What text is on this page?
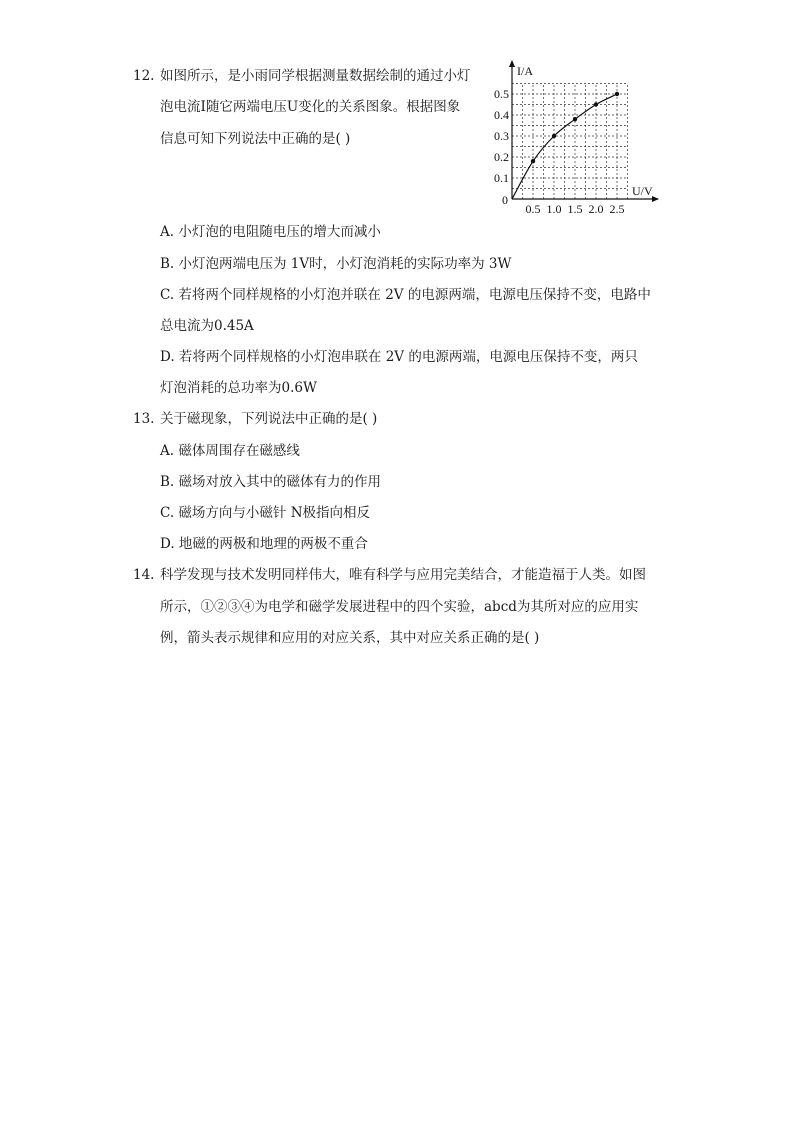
12. 如图所示，是小雨同学根据测量数据绘制的通过小灯
泡电流I随它两端电压U变化的关系图象。根据图象
信息可知下列说法中正确的是( )
0.5 1.0 1.5 2.0 2.5
0.1
0.2
0.3
0.4
0.5
0
I/A
U/V
A. 小灯泡的电阻随电压的增大而减小
B. 小灯泡两端电压为 1V时，小灯泡消耗的实际功率为 3W
C. 若将两个同样规格的小灯泡并联在 2V 的电源两端，电源电压保持不变，电路中
总电流为0.45A
D. 若将两个同样规格的小灯泡串联在 2V 的电源两端，电源电压保持不变，两只
灯泡消耗的总功率为0.6W
13. 关于磁现象，下列说法中正确的是( )
A. 磁体周围存在磁感线
B. 磁场对放入其中的磁体有力的作用
C. 磁场方向与小磁针 N极指向相反
D. 地磁的两极和地理的两极不重合
14. 科学发现与技术发明同样伟大，唯有科学与应用完美结合，才能造福于人类。如图
所示，①②③④为电学和磁学发展进程中的四个实验，abcd为其所对应的应用实
例，箭头表示规律和应用的对应关系，其中对应关系正确的是( )
